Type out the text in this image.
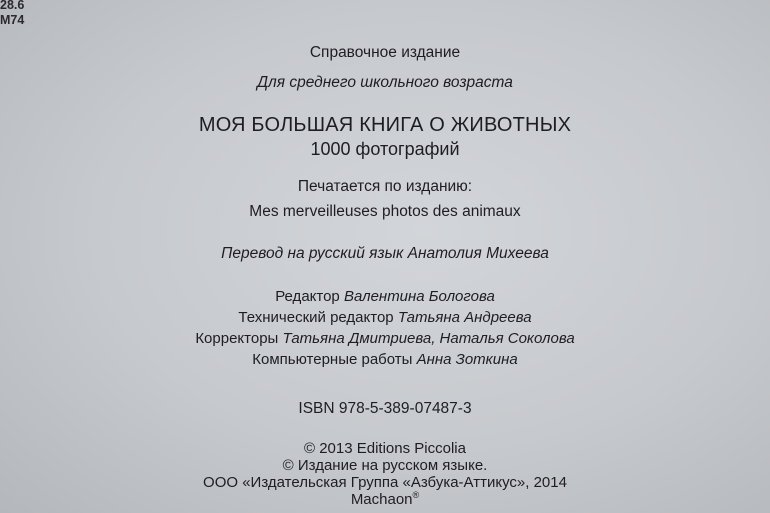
28.6
M74
Справочное издание
Для среднего школьного возраста
МОЯ БОЛЬШАЯ КНИГА О ЖИВОТНЫХ
1000 фотографий
Печатается по изданию:
Mes merveilleuses photos des animaux
Перевод на русский язык Анатолия Михеева
Редактор Валентина Бологова
Технический редактор Татьяна Андреева
Корректоры Татьяна Дмитриева, Наталья Соколова
Компьютерные работы Анна Зоткина
ISBN 978-5-389-07487-3
© 2013 Editions Piccolia
© Издание на русском языке.
ООО «Издательская Группа «Азбука-Аттикус», 2014
Machaon®
